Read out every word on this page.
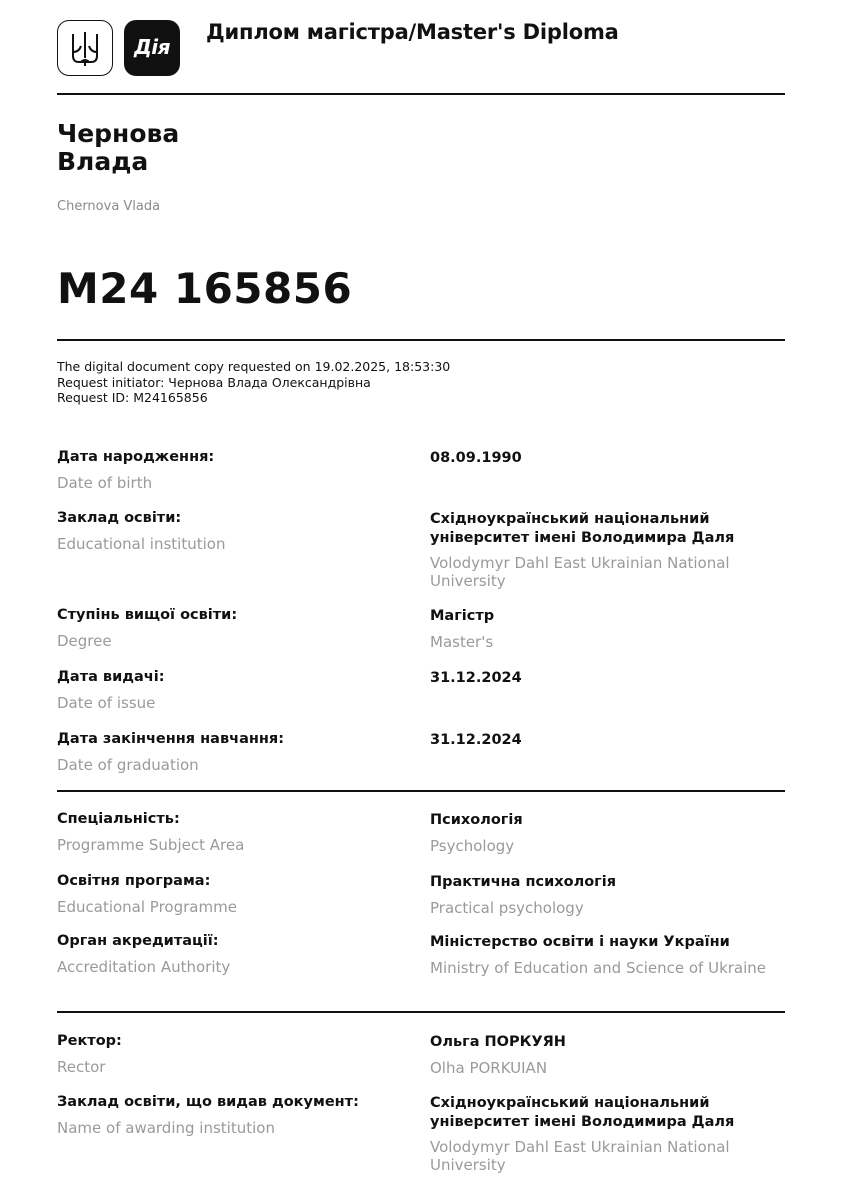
Дія
Диплом магістра/Master's Diploma
Чернова
Влада
Chernova Vlada
M24 165856
The digital document copy requested on 19.02.2025, 18:53:30
Request initiator: Чернова Влада Олександрівна
Request ID: M24165856
Дата народження:
Date of birth
08.09.1990
Заклад освіти:
Educational institution
Східноукраїнський національний університет імені Володимира Даля
Volodymyr Dahl East Ukrainian National University
Ступінь вищої освіти:
Degree
Магістр
Master's
Дата видачі:
Date of issue
31.12.2024
Дата закінчення навчання:
Date of graduation
31.12.2024
Спеціальність:
Programme Subject Area
Психологія
Psychology
Освітня програма:
Educational Programme
Практична психологія
Practical psychology
Орган акредитації:
Accreditation Authority
Міністерство освіти і науки України
Ministry of Education and Science of Ukraine
Ректор:
Rector
Ольга ПОРКУЯН
Olha PORKUIAN
Заклад освіти, що видав документ:
Name of awarding institution
Східноукраїнський національний університет імені Володимира Даля
Volodymyr Dahl East Ukrainian National University
